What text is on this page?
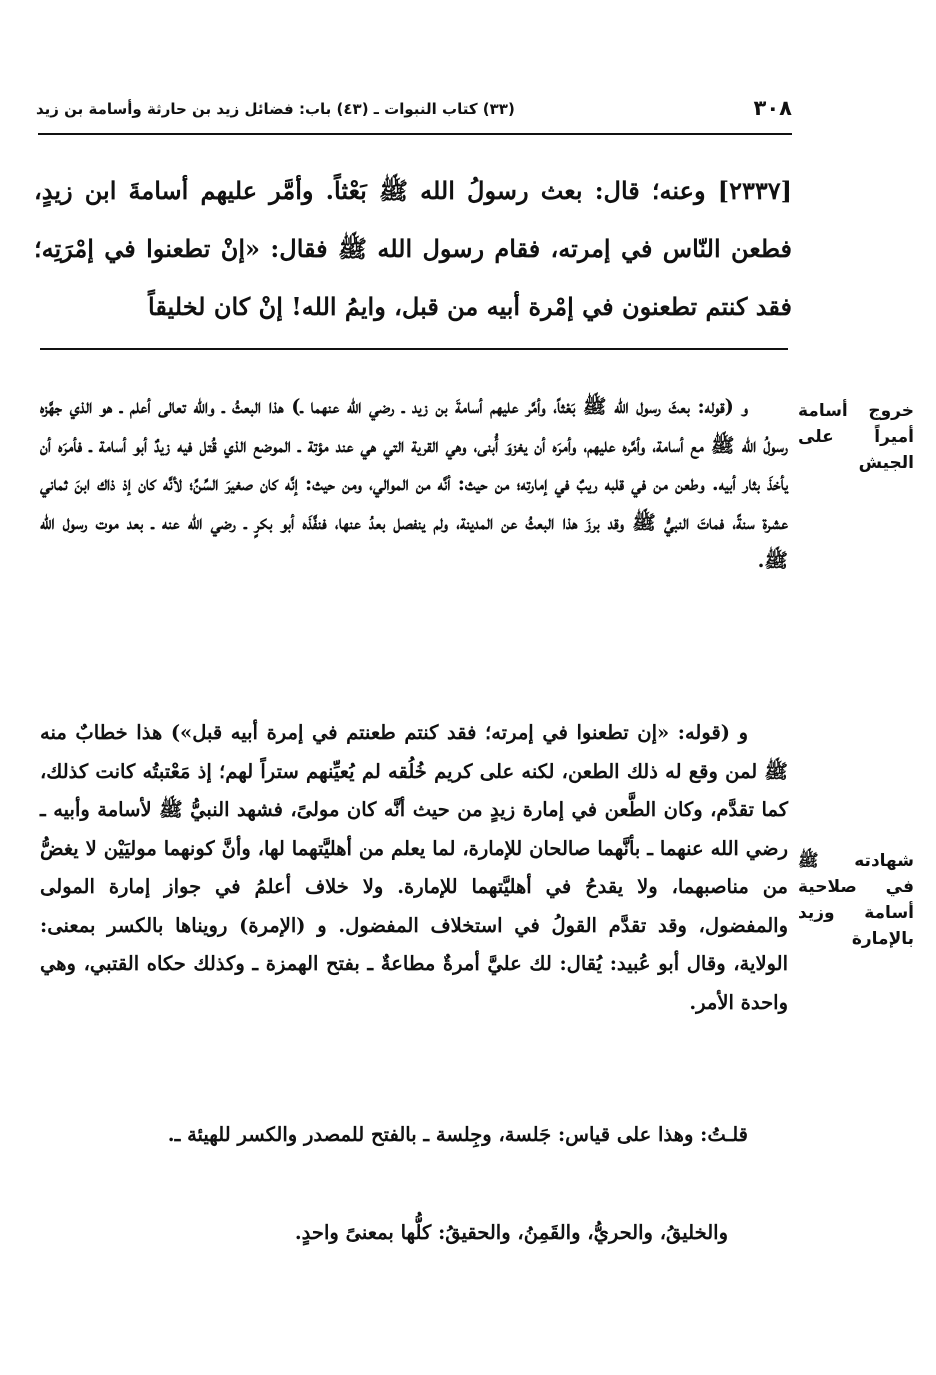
٣٠٨
(٣٣) كتاب النبوات ـ (٤٣) باب: فضائل زيد بن حارثة وأسامة بن زيد
[٢٣٣٧] وعنه؛ قال: بعث رسولُ الله ﷺ بَعْثاً. وأمَّر عليهم أسامةَ ابن زيدٍ، فطعن النّاس في إمرته، فقام رسول الله ﷺ فقال: «إنْ تطعنوا في إمْرَتِه؛ فقد كنتم تطعنون في إمْرة أبيه من قبل، وايمُ الله! إنْ كان لخليقاً
خروج أسامة أميراً على الجيش
شهادته ﷺ في صلاحية أسامة وزيد بالإمارة
و (قوله: بعثَ رسول الله ﷺ بَعْثاً، وأمَّر عليهم أسامةَ بن زيد ـ رضي الله عنهما ـ) هذا البعثُ ـ والله تعالى أعلم ـ هو الذي جهَّزه رسولُ الله ﷺ مع أسامة، وأمَّره عليهم، وأمرَه أن يغزوَ أُبنى، وهي القرية التي هي عند مؤتة ـ الموضع الذي قُتل فيه زيدٌ أبو أسامة ـ فأمرَه أن يأخذَ بثار أبيه. وطعن من في قلبه ريبٌ في إمارته؛ من حيث: أنَّه من الموالي، ومن حيث: إنَّه كان صغيرَ السِّنِّ؛ لأنَّه كان إذ ذاك ابنَ ثماني عشرة سنةً، فماتَ النبيُّ ﷺ وقد برزَ هذا البعثُ عن المدينة، ولم ينفصل بعدُ عنها، فنفَّذَه أبو بكرٍ ـ رضي الله عنه ـ بعد موت رسول الله ﷺ.
و (قوله: «إن تطعنوا في إمرته؛ فقد كنتم طعنتم في إمرة أبيه قبل») هذا خطابٌ منه ﷺ لمن وقع له ذلك الطعن، لكنه على كريم خُلُقه لم يُعيِّنهم ستراً لهم؛ إذ مَعْتبتُه كانت كذلك، كما تقدَّم، وكان الطَّعن في إمارة زيدٍ من حيث أنَّه كان مولىً، فشهد النبيُّ ﷺ لأسامة وأبيه ـ رضي الله عنهما ـ بأنَّهما صالحان للإمارة، لما يعلم من أهليَّتهما لها، وأنَّ كونهما موليَيْن لا يغضُّ من مناصبهما، ولا يقدحُ في أهليَّتهما للإمارة. ولا خلاف أعلمُ في جواز إمارة المولى والمفضول، وقد تقدَّم القولُ في استخلاف المفضول. و (الإمرة) رويناها بالكسر بمعنى: الولاية، وقال أبو عُبيد: يُقال: لك عليَّ أمرةٌ مطاعةٌ ـ بفتح الهمزة ـ وكذلك حكاه القتبي، وهي واحدة الأمر.
قلـتُ: وهذا على قياس: جَلسة، وجِلسة ـ بالفتح للمصدر والكسر للهيئة ـ.
والخليقُ، والحريُّ، والقَمِنُ، والحقيقُ: كلُّها بمعنىً واحدٍ.
